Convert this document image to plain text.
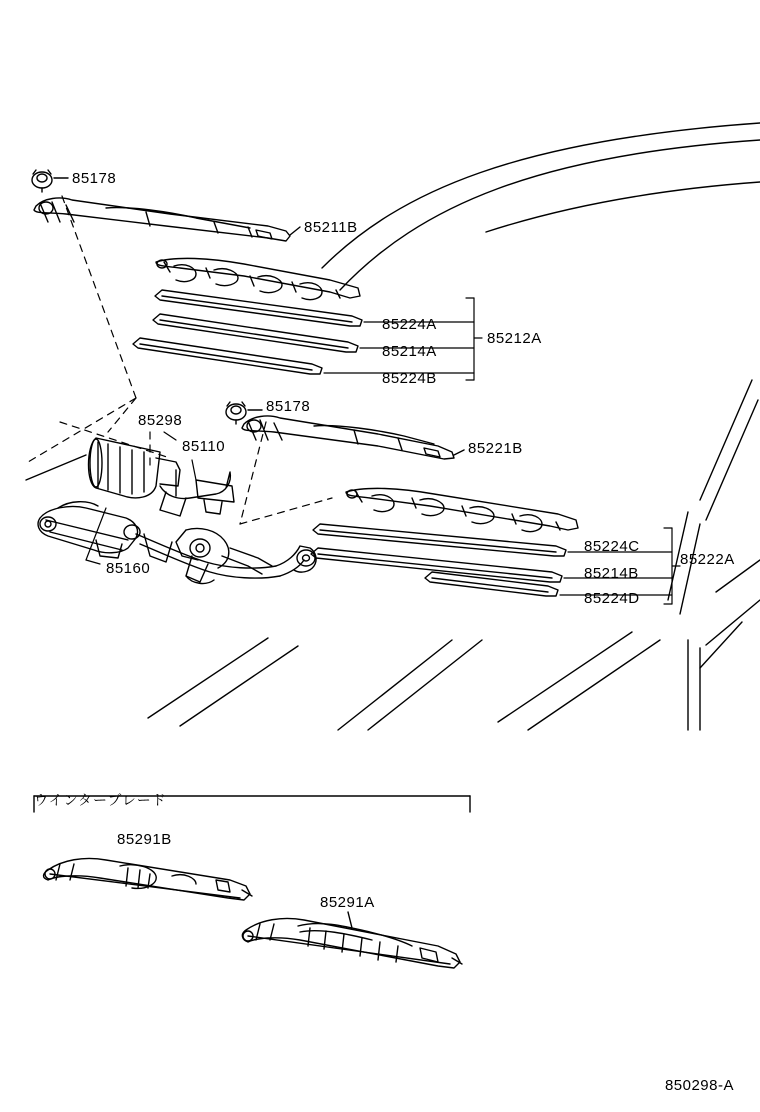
85178
85211B
85224A
85214A
85224B
85212A
85298
85178
85110	85221B
85160
85224C
85214B
85224D
85222A
85291B
85291A
ウインターブレード
850298-A
